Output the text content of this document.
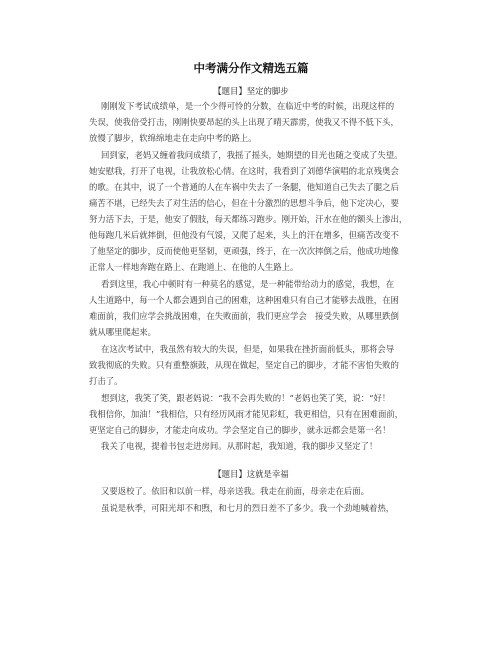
中考满分作文精选五篇
【题目】坚定的脚步
刚刚发下考试成绩单，是一个少得可怜的分数，在临近中考的时候，出现这样的
失误，使我倍受打击，刚刚快要昂起的头上出现了晴天霹雳，使我又不得不低下头，
放慢了脚步，软绵绵地走在走向中考的路上。
回到家，老妈又缠着我问成绩了，我摇了摇头，她期望的目光也随之变成了失望。
她安慰我，打开了电视，让我放松心情。在这时，我看到了刘德华演唱的北京残奥会
的歌。在其中，说了一个普通的人在车祸中失去了一条腿，他知道自己失去了腿之后
痛苦不堪，已经失去了对生活的信心，但在十分激烈的思想斗争后，他下定决心，要
努力活下去，于是，他安了假肢，每天都练习跑步。刚开始，汗水在他的额头上渗出，
他每跑几米后就摔倒，但他没有气馁，又爬了起来，头上的汗在增多，但痛苦改变不
了他坚定的脚步，反而使他更坚韧，更顽强，终于，在一次次摔倒之后，他成功地像
正常人一样地奔跑在路上、在跑道上、在他的人生路上。
看到这里，我心中顿时有一种莫名的感觉，是一种能带给动力的感觉，我想，在
人生道路中，每一个人都会遇到自己的困难，这种困难只有自己才能够去战胜，在困
难面前，我们应学会挑战困难，在失败面前，我们更应学会　接受失败，从哪里跌倒
就从哪里爬起来。
在这次考试中，我虽然有较大的失误，但是，如果我在挫折面前低头，那将会导
致我彻底的失败。只有重整旗鼓，从现在做起，坚定自己的脚步，才能不害怕失败的
打击了。
想到这，我笑了笑，跟老妈说：“我不会再失败的！”老妈也笑了笑，说：“好！
我相信你，加油！”我相信，只有经历风雨才能见彩虹，我更相信，只有在困难面前，
更坚定自己的脚步，才能走向成功。学会坚定自己的脚步，就永远都会是第一名！
我关了电视，提着书包走进房间。从那时起，我知道，我的脚步又坚定了！
【题目】这就是幸福
又要返校了。依旧和以前一样，母亲送我。我走在前面，母亲走在后面。
虽说是秋季，可阳光却不和煦，和七月的烈日差不了多少。我一个劲地喊着热，
